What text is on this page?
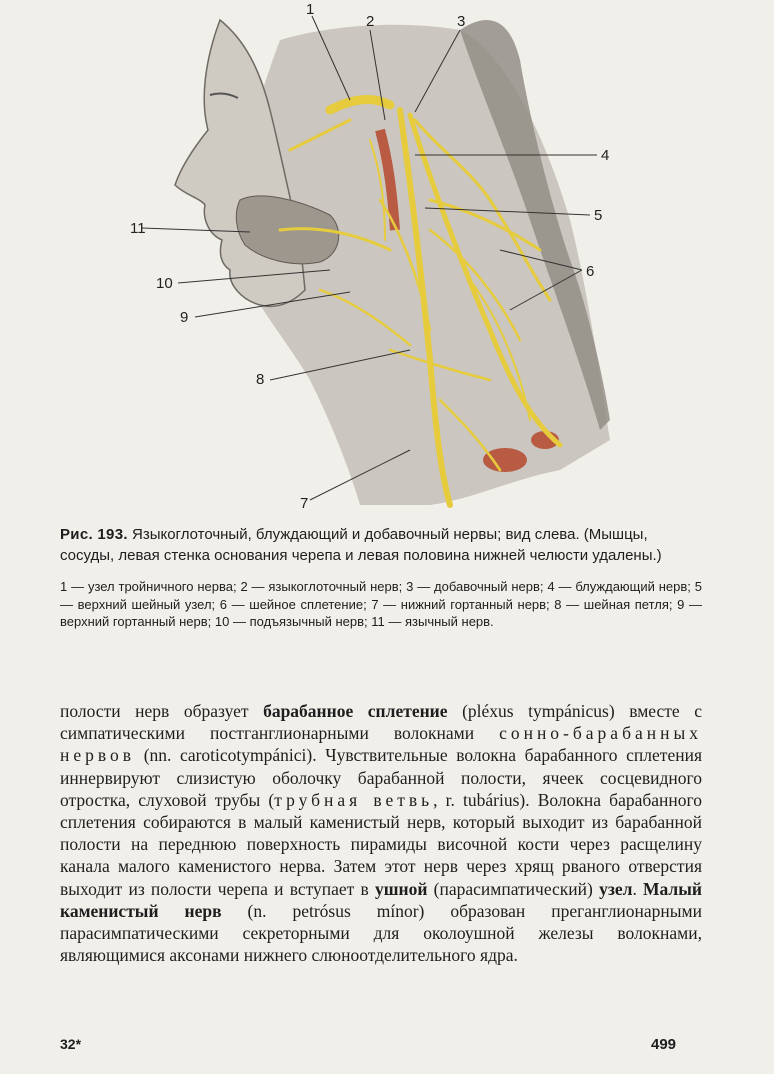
1
2	3
4
5
6
7
8
9
10
11

Рис. 193. Языкоглоточный, блуждающий и добавочный нервы; вид слева. (Мышцы, сосуды, левая стенка основания черепа и левая половина нижней челюсти удалены.)

1 — узел тройничного нерва; 2 — языкоглоточный нерв; 3 — добавочный нерв; 4 — блуждающий нерв; 5 — верхний шейный узел; 6 — шейное сплетение; 7 — нижний гортанный нерв; 8 — шейная петля; 9 — верхний гортанный нерв; 10 — подъязычный нерв; 11 — язычный нерв.

полости нерв образует барабанное сплетение (pléxus tympánicus) вместе с симпатическими постганглионарными волокнами сонно-барабанных нервов (nn. caroticotympánici). Чувствительные волокна барабанного сплетения иннервируют слизистую оболочку барабанной полости, ячеек сосцевидного отростка, слуховой трубы (трубная ветвь, r. tubárius). Волокна барабанного сплетения собираются в малый каменистый нерв, который выходит из барабанной полости на переднюю поверхность пирамиды височной кости через расщелину канала малого каменистого нерва. Затем этот нерв через хрящ рваного отверстия выходит из полости черепа и вступает в ушной (парасимпатический) узел. Малый каменистый нерв (n. petrósus mínor) образован преганглионарными парасимпатическими секреторными для околоушной железы волокнами, являющимися аксонами нижнего слюноотделительного ядра.

32*	499
